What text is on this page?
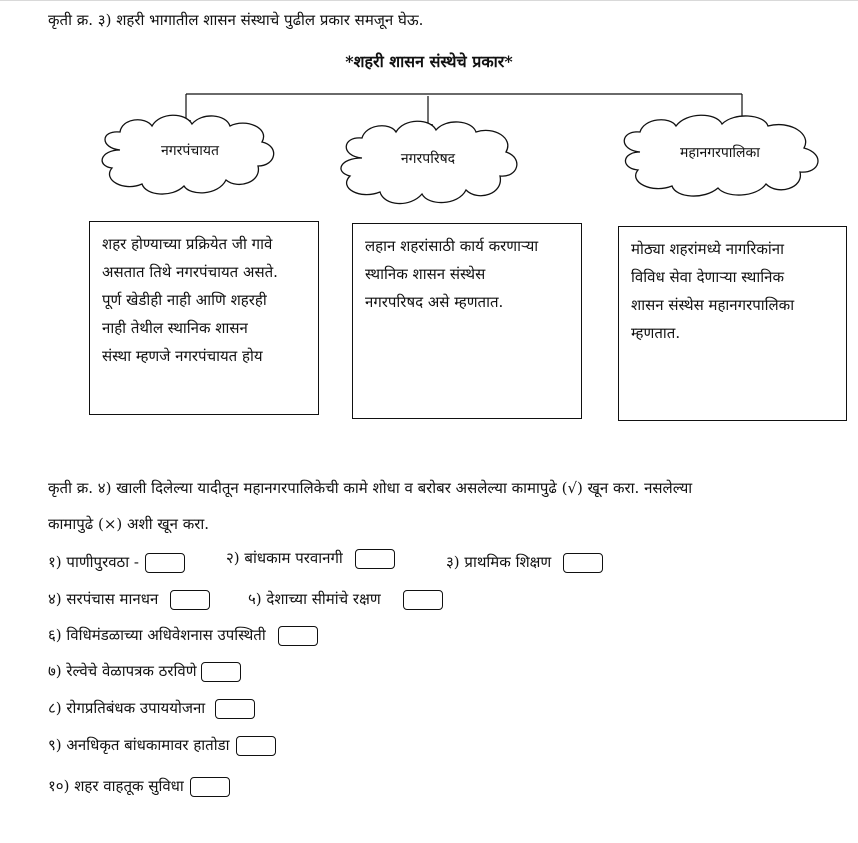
कृती क्र. ३) शहरी भागातील शासन संस्थाचे पुढील प्रकार समजून घेऊ.
*शहरी शासन संस्थेचे प्रकार*
नगरपंचायत	नगरपरिषद	महानगरपालिका
शहर होण्याच्या प्रक्रियेत जी गावे
असतात तिथे नगरपंचायत असते.
पूर्ण खेडीही नाही आणि शहरही
नाही तेथील स्थानिक शासन
संस्था म्हणजे नगरपंचायत होय
लहान शहरांसाठी कार्य करणाऱ्या
स्थानिक शासन संस्थेस
नगरपरिषद असे म्हणतात.
मोठ्या शहरांमध्ये नागरिकांना
विविध सेवा देणाऱ्या स्थानिक
शासन संस्थेस महानगरपालिका
म्हणतात.
कृती क्र. ४) खाली दिलेल्या यादीतून महानगरपालिकेची कामे शोधा व बरोबर असलेल्या कामापुढे (√) खून करा. नसलेल्या
कामापुढे (×) अशी खून करा.
१) पाणीपुरवठा -	२) बांधकाम परवानगी	३) प्राथमिक शिक्षण
४) सरपंचास मानधन	५) देशाच्या सीमांचे रक्षण
६) विधिमंडळाच्या अधिवेशनास उपस्थिती
७) रेल्वेचे वेळापत्रक ठरविणे
८) रोगप्रतिबंधक उपाययोजना
९) अनधिकृत बांधकामावर हातोडा
१०) शहर वाहतूक सुविधा
